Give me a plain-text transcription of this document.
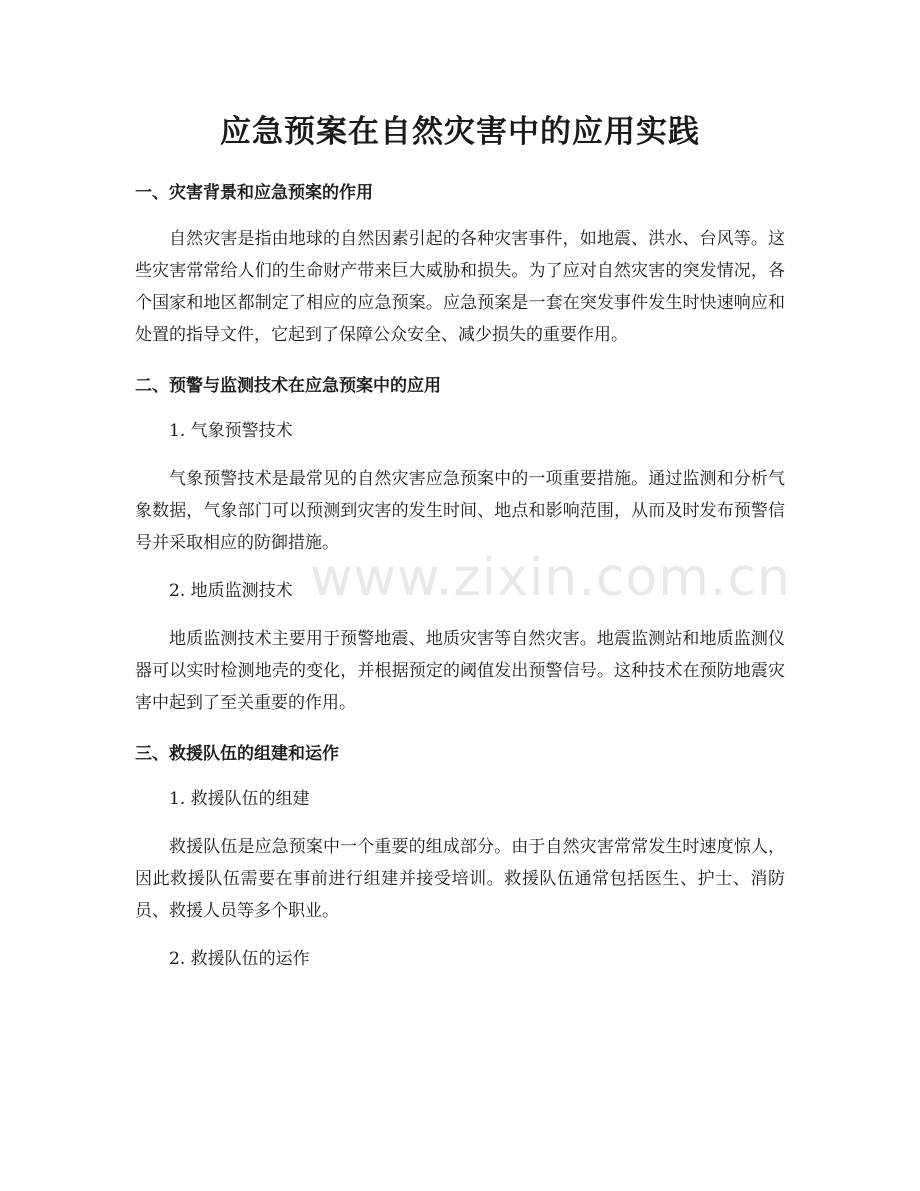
应急预案在自然灾害中的应用实践
一、灾害背景和应急预案的作用

自然灾害是指由地球的自然因素引起的各种灾害事件，如地震、洪水、台风等。这些灾害常常给人们的生命财产带来巨大威胁和损失。为了应对自然灾害的突发情况，各个国家和地区都制定了相应的应急预案。应急预案是一套在突发事件发生时快速响应和处置的指导文件，它起到了保障公众安全、减少损失的重要作用。

二、预警与监测技术在应急预案中的应用

1. 气象预警技术

气象预警技术是最常见的自然灾害应急预案中的一项重要措施。通过监测和分析气象数据，气象部门可以预测到灾害的发生时间、地点和影响范围，从而及时发布预警信号并采取相应的防御措施。

2. 地质监测技术

地质监测技术主要用于预警地震、地质灾害等自然灾害。地震监测站和地质监测仪器可以实时检测地壳的变化，并根据预定的阈值发出预警信号。这种技术在预防地震灾害中起到了至关重要的作用。

三、救援队伍的组建和运作

1. 救援队伍的组建

救援队伍是应急预案中一个重要的组成部分。由于自然灾害常常发生时速度惊人，因此救援队伍需要在事前进行组建并接受培训。救援队伍通常包括医生、护士、消防员、救援人员等多个职业。

2. 救援队伍的运作

www.zixin.com.cn
